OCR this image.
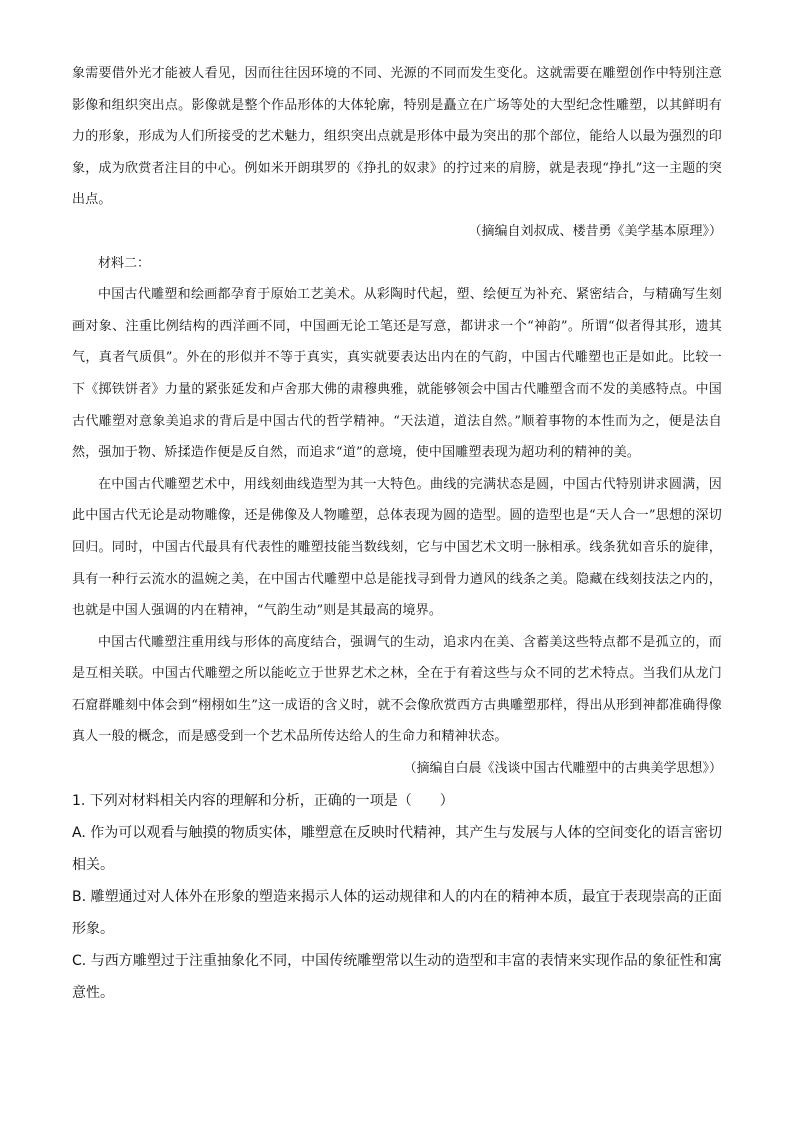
象需要借外光才能被人看见，因而往往因环境的不同、光源的不同而发生变化。这就需要在雕塑创作中特别注意影像和组织突出点。影像就是整个作品形体的大体轮廓，特别是矗立在广场等处的大型纪念性雕塑，以其鲜明有力的形象，形成为人们所接受的艺术魅力，组织突出点就是形体中最为突出的那个部位，能给人以最为强烈的印象，成为欣赏者注目的中心。例如米开朗琪罗的《挣扎的奴隶》的拧过来的肩膀，就是表现“挣扎”这一主题的突出点。

（摘编自刘叔成、楼昔勇《美学基本原理》）

材料二：

中国古代雕塑和绘画都孕育于原始工艺美术。从彩陶时代起，塑、绘便互为补充、紧密结合，与精确写生刻画对象、注重比例结构的西洋画不同，中国画无论工笔还是写意，都讲求一个“神韵”。所谓“似者得其形，遗其气，真者气质俱”。外在的形似并不等于真实，真实就要表达出内在的气韵，中国古代雕塑也正是如此。比较一下《掷铁饼者》力量的紧张延发和卢舍那大佛的肃穆典雅，就能够领会中国古代雕塑含而不发的美感特点。中国古代雕塑对意象美追求的背后是中国古代的哲学精神。“天法道，道法自然。”顺着事物的本性而为之，便是法自然，强加于物、矫揉造作便是反自然，而追求“道”的意境，使中国雕塑表现为超功利的精神的美。

在中国古代雕塑艺术中，用线刻曲线造型为其一大特色。曲线的完满状态是圆，中国古代特别讲求圆满，因此中国古代无论是动物雕像，还是佛像及人物雕塑，总体表现为圆的造型。圆的造型也是“天人合一”思想的深切回归。同时，中国古代最具有代表性的雕塑技能当数线刻，它与中国艺术文明一脉相承。线条犹如音乐的旋律，具有一种行云流水的温婉之美，在中国古代雕塑中总是能找寻到骨力遒风的线条之美。隐藏在线刻技法之内的，也就是中国人强调的内在精神，“气韵生动”则是其最高的境界。

中国古代雕塑注重用线与形体的高度结合，强调气的生动，追求内在美、含蓄美这些特点都不是孤立的，而是互相关联。中国古代雕塑之所以能屹立于世界艺术之林，全在于有着这些与众不同的艺术特点。当我们从龙门石窟群雕刻中体会到“栩栩如生”这一成语的含义时，就不会像欣赏西方古典雕塑那样，得出从形到神都准确得像真人一般的概念，而是感受到一个艺术品所传达给人的生命力和精神状态。

（摘编自白晨《浅谈中国古代雕塑中的古典美学思想》）

1. 下列对材料相关内容的理解和分析，正确的一项是（　　）

A. 作为可以观看与触摸的物质实体，雕塑意在反映时代精神，其产生与发展与人体的空间变化的语言密切相关。

B. 雕塑通过对人体外在形象的塑造来揭示人体的运动规律和人的内在的精神本质，最宜于表现崇高的正面形象。

C. 与西方雕塑过于注重抽象化不同，中国传统雕塑常以生动的造型和丰富的表情来实现作品的象征性和寓意性。
